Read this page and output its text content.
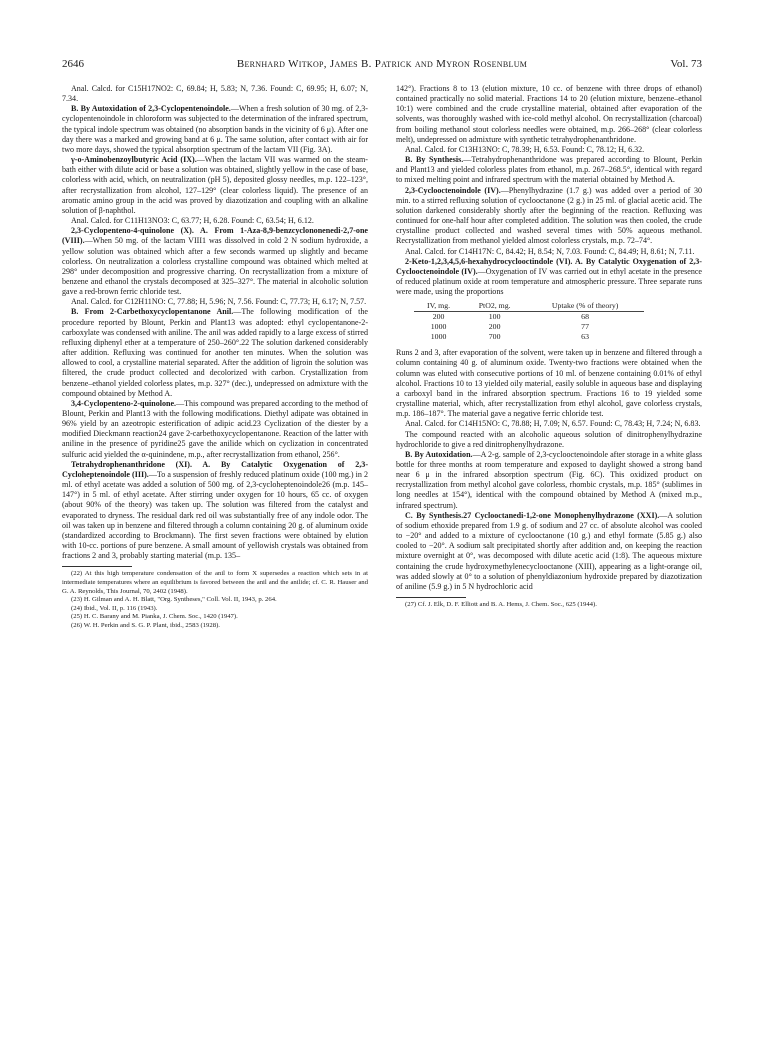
2646	Bernhard Witkop, James B. Patrick and Myron Rosenblum	Vol. 73

Anal. Calcd. for C15H17NO2: C, 69.84; H, 5.83; N, 7.36. Found: C, 69.95; H, 6.07; N, 7.34.

B. By Autoxidation of 2,3-Cyclopentenoindole.—When a fresh solution of 30 mg. of 2,3-cyclopentenoindole in chloroform was subjected to the determination of the infrared spectrum, the typical indole spectrum was obtained (no absorption bands in the vicinity of 6 μ). After one day there was a marked and growing band at 6 μ. The same solution, after contact with air for two more days, showed the typical absorption spectrum of the lactam VII (Fig. 3A).

γ-o-Aminobenzoylbutyric Acid (IX).—When the lactam VII was warmed on the steam-bath either with dilute acid or base a solution was obtained, slightly yellow in the case of base, colorless with acid, which, on neutralization (pH 5), deposited glossy needles, m.p. 122–123°, after recrystallization from alcohol, 127–129° (clear colorless liquid). The presence of an aromatic amino group in the acid was proved by diazotization and coupling with an alkaline solution of β-naphthol.

Anal. Calcd. for C11H13NO3: C, 63.77; H, 6.28. Found: C, 63.54; H, 6.12.

2,3-Cyclopenteno-4-quinolone (X). A. From 1-Aza-8,9-benzcyclononenedi-2,7-one (VIII).—When 50 mg. of the lactam VIII1 was dissolved in cold 2 N sodium hydroxide, a yellow solution was obtained which after a few seconds warmed up slightly and became colorless. On neutralization a colorless crystalline compound was obtained which melted at 298° under decomposition and progressive charring. On recrystallization from a mixture of benzene and ethanol the crystals decomposed at 325–327°. The material in alcoholic solution gave a red-brown ferric chloride test.

Anal. Calcd. for C12H11NO: C, 77.88; H, 5.96; N, 7.56. Found: C, 77.73; H, 6.17; N, 7.57.

B. From 2-Carbethoxycyclopentanone Anil.—The following modification of the procedure reported by Blount, Perkin and Plant13 was adopted: ethyl cyclopentanone-2-carboxylate was condensed with aniline. The anil was added rapidly to a large excess of stirred refluxing diphenyl ether at a temperature of 250–260°.22 The solution darkened considerably after addition. Refluxing was continued for another ten minutes. When the solution was allowed to cool, a crystalline material separated. After the addition of ligroin the solution was filtered, the crude product collected and decolorized with carbon. Crystallization from benzene–ethanol yielded colorless plates, m.p. 327° (dec.), undepressed on admixture with the compound obtained by Method A.

3,4-Cyclopenteno-2-quinolone.—This compound was prepared according to the method of Blount, Perkin and Plant13 with the following modifications. Diethyl adipate was obtained in 96% yield by an azeotropic esterification of adipic acid.23 Cyclization of the diester by a modified Dieckmann reaction24 gave 2-carbethoxycyclopentanone. Reaction of the latter with aniline in the presence of pyridine25 gave the anilide which on cyclization in concentrated sulfuric acid yielded the α-quinindene, m.p., after recrystallization from ethanol, 256°.

Tetrahydrophenanthridone (XI). A. By Catalytic Oxygenation of 2,3-Cycloheptenoindole (III).—To a suspension of freshly reduced platinum oxide (100 mg.) in 2 ml. of ethyl acetate was added a solution of 500 mg. of 2,3-cycloheptenoindole26 (m.p. 145–147°) in 5 ml. of ethyl acetate. After stirring under oxygen for 10 hours, 65 cc. of oxygen (about 90% of the theory) was taken up. The solution was filtered from the catalyst and evaporated to dryness. The residual dark red oil was substantially free of any indole odor. The oil was taken up in benzene and filtered through a column containing 20 g. of aluminum oxide (standardized according to Brockmann). The first seven fractions were obtained by elution with 10-cc. portions of pure benzene. A small amount of yellowish crystals was obtained from fractions 2 and 3, probably starting material (m.p. 135–

(22) At this high temperature condensation of the anil to form X supersedes a reaction which sets in at intermediate temperatures where an equilibrium is favored between the anil and the anilide; cf. C. R. Hauser and G. A. Reynolds, This Journal, 70, 2402 (1948).

(23) H. Gilman and A. H. Blatt, "Org. Syntheses," Coll. Vol. II, 1943, p. 264.

(24) Ibid., Vol. II, p. 116 (1943).

(25) H. C. Barany and M. Pianka, J. Chem. Soc., 1420 (1947).

(26) W. H. Perkin and S. G. P. Plant, ibid., 2583 (1928).

142°). Fractions 8 to 13 (elution mixture, 10 cc. of benzene with three drops of ethanol) contained practically no solid material. Fractions 14 to 20 (elution mixture, benzene–ethanol 10:1) were combined and the crude crystalline material, obtained after evaporation of the solvents, was thoroughly washed with ice-cold methyl alcohol. On recrystallization (charcoal) from boiling methanol stout colorless needles were obtained, m.p. 266–268° (clear colorless melt), undepressed on admixture with synthetic tetrahydrophenanthridone.

Anal. Calcd. for C13H13NO: C, 78.39; H, 6.53. Found: C, 78.12; H, 6.32.

B. By Synthesis.—Tetrahydrophenanthridone was prepared according to Blount, Perkin and Plant13 and yielded colorless plates from ethanol, m.p. 267–268.5°, identical with regard to mixed melting point and infrared spectrum with the material obtained by Method A.

2,3-Cyclooctenoindole (IV).—Phenylhydrazine (1.7 g.) was added over a period of 30 min. to a stirred refluxing solution of cyclooctanone (2 g.) in 25 ml. of glacial acetic acid. The solution darkened considerably shortly after the beginning of the reaction. Refluxing was continued for one-half hour after completed addition. The solution was then cooled, the crude crystalline product collected and washed several times with 50% aqueous methanol. Recrystallization from methanol yielded almost colorless crystals, m.p. 72–74°.

Anal. Calcd. for C14H17N: C, 84.42; H, 8.54; N, 7.03. Found: C, 84.49; H, 8.61; N, 7.11.

2-Keto-1,2,3,4,5,6-hexahydrocyclooctindole (VI). A. By Catalytic Oxygenation of 2,3-Cyclooctenoindole (IV).—Oxygenation of IV was carried out in ethyl acetate in the presence of reduced platinum oxide at room temperature and atmospheric pressure. Three separate runs were made, using the proportions

IV, mg.	PtO2, mg.	Uptake (% of theory)
200	100	68
1000	200	77
1000	700	63

Runs 2 and 3, after evaporation of the solvent, were taken up in benzene and filtered through a column containing 40 g. of aluminum oxide. Twenty-two fractions were obtained when the column was eluted with consecutive portions of 10 ml. of benzene containing 0.01% of ethyl alcohol. Fractions 10 to 13 yielded oily material, easily soluble in aqueous base and displaying a carboxyl band in the infrared absorption spectrum. Fractions 16 to 19 yielded some crystalline material, which, after recrystallization from ethyl alcohol, gave colorless crystals, m.p. 186–187°. The material gave a negative ferric chloride test.

Anal. Calcd. for C14H15NO: C, 78.88; H, 7.09; N, 6.57. Found: C, 78.43; H, 7.24; N, 6.83.

The compound reacted with an alcoholic aqueous solution of dinitrophenylhydrazine hydrochloride to give a red dinitrophenylhydrazone.

B. By Autoxidation.—A 2-g. sample of 2,3-cyclooctenoindole after storage in a white glass bottle for three months at room temperature and exposed to daylight showed a strong band near 6 μ in the infrared absorption spectrum (Fig. 6C). This oxidized product on recrystallization from methyl alcohol gave colorless, rhombic crystals, m.p. 185° (sublimes in long needles at 154°), identical with the compound obtained by Method A (mixed m.p., infrared spectrum).

C. By Synthesis.27 Cyclooctanedi-1,2-one Monophenylhydrazone (XXI).—A solution of sodium ethoxide prepared from 1.9 g. of sodium and 27 cc. of absolute alcohol was cooled to −20° and added to a mixture of cyclooctanone (10 g.) and ethyl formate (5.85 g.) also cooled to −20°. A sodium salt precipitated shortly after addition and, on keeping the reaction mixture overnight at 0°, was decomposed with dilute acetic acid (1:8). The aqueous mixture containing the crude hydroxymethylenecyclooctanone (XIII), appearing as a light-orange oil, was added slowly at 0° to a solution of phenyldiazonium hydroxide prepared by diazotization of aniline (5.9 g.) in 5 N hydrochloric acid

(27) Cf. J. Elk, D. F. Elliott and B. A. Hems, J. Chem. Soc., 625 (1944).
